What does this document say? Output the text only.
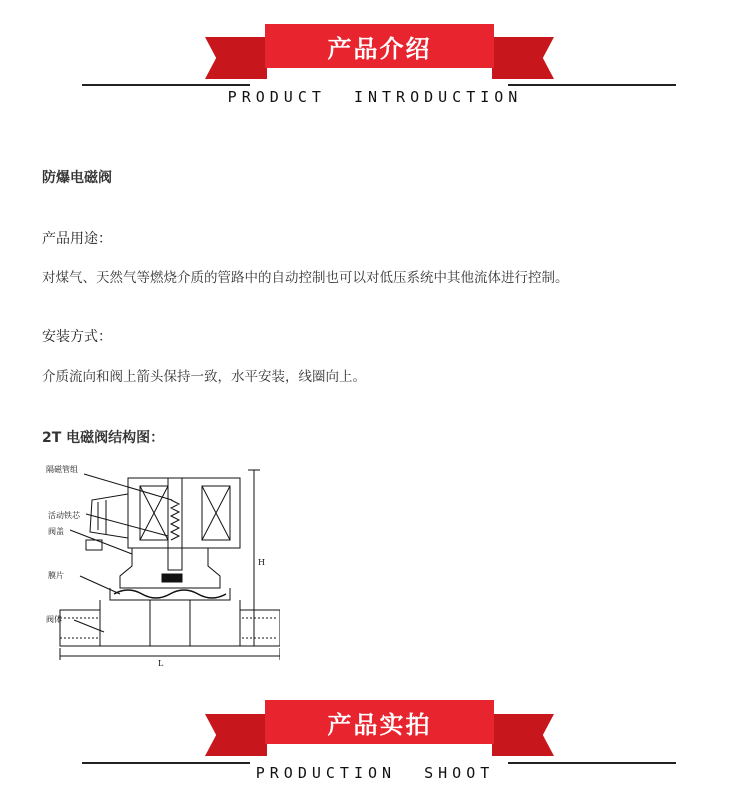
产品介绍
PRODUCT  INTRODUCTION
防爆电磁阀
产品用途：
对煤气、天然气等燃烧介质的管路中的自动控制也可以对低压系统中其他流体进行控制。
安装方式：
介质流向和阀上箭头保持一致，水平安装，线圈向上。
2T 电磁阀结构图：
隔磁管组
活动铁芯
阀盖
膜片
阀体
H
L
产品实拍
PRODUCTION  SHOOT
